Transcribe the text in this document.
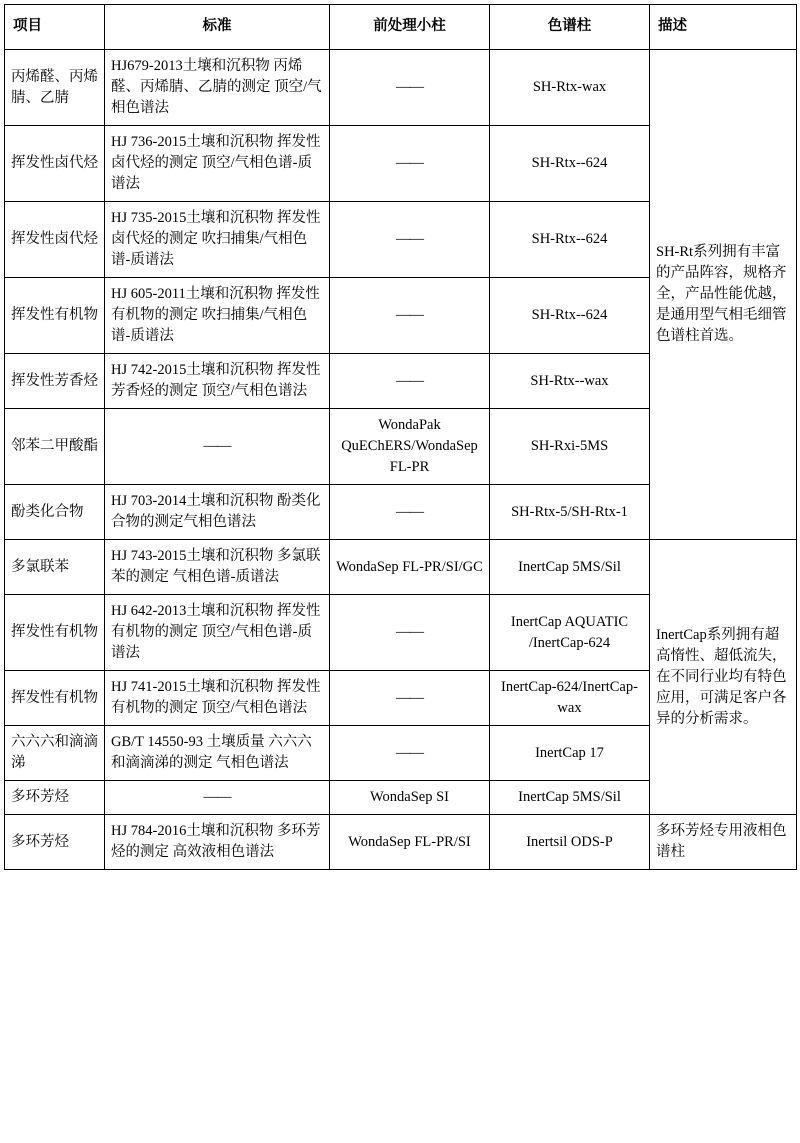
项目	标准	前处理小柱	色谱柱	描述
丙烯醛、丙烯腈、乙腈	HJ679-2013土壤和沉积物 丙烯醛、丙烯腈、乙腈的测定 顶空/气相色谱法	——	SH-Rtx-wax	SH-Rt系列拥有丰富的产品阵容，规格齐全，产品性能优越，是通用型气相毛细管色谱柱首选。
挥发性卤代烃	HJ 736-2015土壤和沉积物 挥发性卤代烃的测定 顶空/气相色谱-质谱法	——	SH-Rtx--624	
挥发性卤代烃	HJ 735-2015土壤和沉积物 挥发性卤代烃的测定 吹扫捕集/气相色谱-质谱法	——	SH-Rtx--624	
挥发性有机物	HJ 605-2011土壤和沉积物 挥发性有机物的测定 吹扫捕集/气相色谱-质谱法	——	SH-Rtx--624	
挥发性芳香烃	HJ 742-2015土壤和沉积物 挥发性芳香烃的测定 顶空/气相色谱法	——	SH-Rtx--wax	
邻苯二甲酸酯	——	WondaPak QuEChERS/WondaSep FL-PR	SH-Rxi-5MS	
酚类化合物	HJ 703-2014土壤和沉积物 酚类化合物的测定气相色谱法	——	SH-Rtx-5/SH-Rtx-1	
多氯联苯	HJ 743-2015土壤和沉积物 多氯联苯的测定 气相色谱-质谱法	WondaSep FL-PR/SI/GC	InertCap 5MS/Sil	InertCap系列拥有超高惰性、超低流失，在不同行业均有特色应用，可满足客户各异的分析需求。
挥发性有机物	HJ 642-2013土壤和沉积物 挥发性有机物的测定 顶空/气相色谱-质谱法	——	InertCap AQUATIC /InertCap-624	
挥发性有机物	HJ 741-2015土壤和沉积物 挥发性有机物的测定 顶空/气相色谱法	——	InertCap-624/InertCap-wax	
六六六和滴滴涕	GB/T 14550-93 土壤质量 六六六和滴滴涕的测定 气相色谱法	——	InertCap 17	
多环芳烃	——	WondaSep SI	InertCap 5MS/Sil	
多环芳烃	HJ 784-2016土壤和沉积物 多环芳烃的测定 高效液相色谱法	WondaSep FL-PR/SI	Inertsil ODS-P	多环芳烃专用液相色谱柱
